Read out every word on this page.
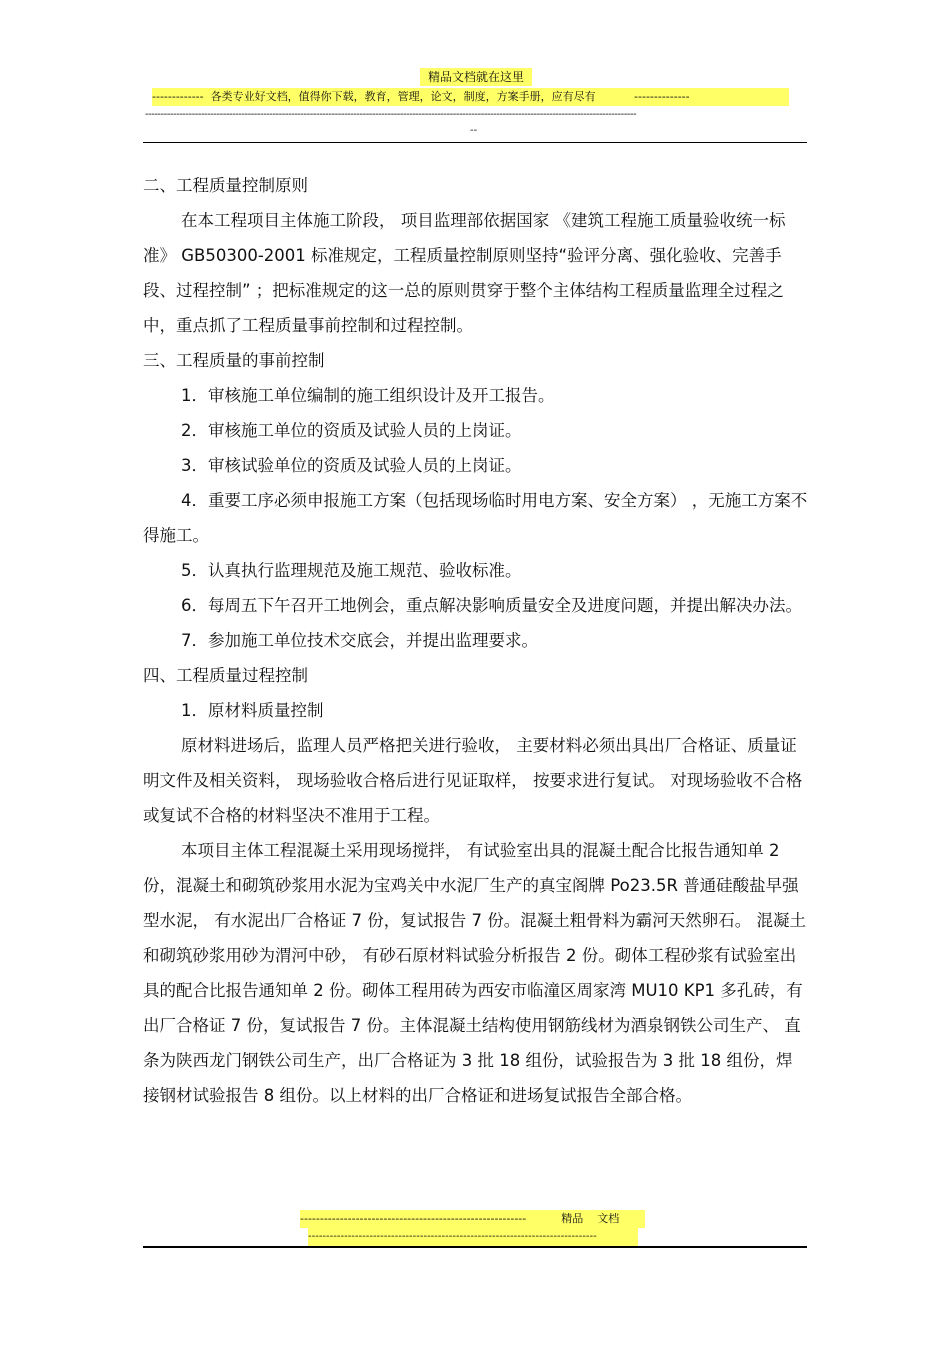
精品文档就在这里
-------------  各类专业好文档，值得你下载，教育，管理，论文，制度，方案手册，应有尽有           --------------
--------------------------------------------------------------------------------------------------------------------------------------------------------------
--

二、工程质量控制原则

在本工程项目主体施工阶段， 项目监理部依据国家 《建筑工程施工质量验收统一标准》 GB50300-2001 标准规定，工程质量控制原则坚持“验评分离、强化验收、完善手段、过程控制” ；把标准规定的这一总的原则贯穿于整个主体结构工程质量监理全过程之中，重点抓了工程质量事前控制和过程控制。

三、工程质量的事前控制

1．审核施工单位编制的施工组织设计及开工报告。

2．审核施工单位的资质及试验人员的上岗证。

3．审核试验单位的资质及试验人员的上岗证。

4．重要工序必须申报施工方案（包括现场临时用电方案、安全方案） ，无施工方案不得施工。

5．认真执行监理规范及施工规范、验收标准。

6．每周五下午召开工地例会，重点解决影响质量安全及进度问题，并提出解决办法。

7．参加施工单位技术交底会，并提出监理要求。

四、工程质量过程控制

1．原材料质量控制

原材料进场后，监理人员严格把关进行验收， 主要材料必须出具出厂合格证、质量证明文件及相关资料， 现场验收合格后进行见证取样， 按要求进行复试。 对现场验收不合格或复试不合格的材料坚决不准用于工程。

本项目主体工程混凝土采用现场搅拌， 有试验室出具的混凝土配合比报告通知单 2 份，混凝土和砌筑砂浆用水泥为宝鸡关中水泥厂生产的真宝阁牌 Po23.5R 普通硅酸盐早强型水泥， 有水泥出厂合格证 7 份，复试报告 7 份。混凝土粗骨料为霸河天然卵石。 混凝土和砌筑砂浆用砂为渭河中砂， 有砂石原材料试验分析报告 2 份。砌体工程砂浆有试验室出具的配合比报告通知单 2 份。砌体工程用砖为西安市临潼区周家湾 MU10 KP1 多孔砖，有出厂合格证 7 份，复试报告 7 份。主体混凝土结构使用钢筋线材为酒泉钢铁公司生产、 直条为陕西龙门钢铁公司生产，出厂合格证为 3 批 18 组份，试验报告为 3 批 18 组份，焊接钢材试验报告 8 组份。以上材料的出厂合格证和进场复试报告全部合格。

---------------------------------------------------------          精品    文档
--------------------------------------------------------------------------------
